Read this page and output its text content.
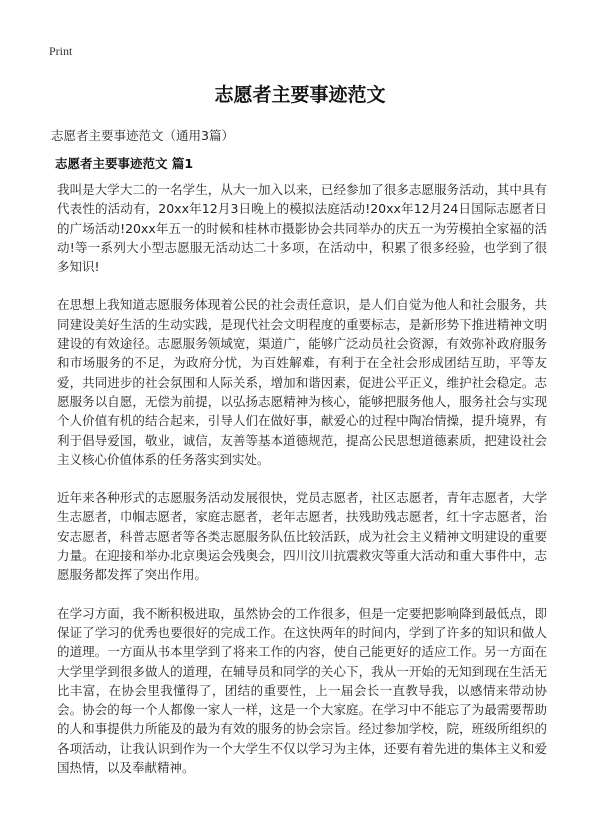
Print
志愿者主要事迹范文
志愿者主要事迹范文（通用3篇）
志愿者主要事迹范文 篇1

我叫是大学大二的一名学生，从大一加入以来，已经参加了很多志愿服务活动，其中具有代表性的活动有，20xx年12月3日晚上的模拟法庭活动!20xx年12月24日国际志愿者日的广场活动!20xx年五一的时候和桂林市摄影协会共同举办的庆五一为劳模拍全家福的活动!等一系列大小型志愿服无活动达二十多项，在活动中，积累了很多经验，也学到了很多知识!

在思想上我知道志愿服务体现着公民的社会责任意识，是人们自觉为他人和社会服务，共同建设美好生活的生动实践，是现代社会文明程度的重要标志，是新形势下推进精神文明建设的有效途径。志愿服务领域宽，渠道广，能够广泛动员社会资源，有效弥补政府服务和市场服务的不足，为政府分忧，为百姓解难，有利于在全社会形成团结互助，平等友爱，共同进步的社会氛围和人际关系，增加和谐因素，促进公平正义，维护社会稳定。志愿服务以自愿，无偿为前提，以弘扬志愿精神为核心，能够把服务他人，服务社会与实现个人价值有机的结合起来，引导人们在做好事，献爱心的过程中陶冶情操，提升境界，有利于倡导爱国，敬业，诚信，友善等基本道德规范，提高公民思想道德素质，把建设社会主义核心价值体系的任务落实到实处。

近年来各种形式的志愿服务活动发展很快，党员志愿者，社区志愿者，青年志愿者，大学生志愿者，巾帼志愿者，家庭志愿者，老年志愿者，扶残助残志愿者，红十字志愿者，治安志愿者，科普志愿者等各类志愿服务队伍比较活跃，成为社会主义精神文明建设的重要力量。在迎接和举办北京奥运会残奥会，四川汶川抗震救灾等重大活动和重大事件中，志愿服务都发挥了突出作用。

在学习方面，我不断积极进取，虽然协会的工作很多，但是一定要把影响降到最低点，即保证了学习的优秀也要很好的完成工作。在这快两年的时间内，学到了许多的知识和做人的道理。一方面从书本里学到了将来工作的内容，使自己能更好的适应工作。另一方面在大学里学到很多做人的道理，在辅导员和同学的关心下，我从一开始的无知到现在生活无比丰富，在协会里我懂得了，团结的重要性，上一届会长一直教导我，以感情来带动协会。协会的每一个人都像一家人一样，这是一个大家庭。在学习中不能忘了为最需要帮助的人和事提供力所能及的最为有效的服务的协会宗旨。经过参加学校，院，班级所组织的各项活动，让我认识到作为一个大学生不仅以学习为主体，还要有着先进的集体主义和爱国热情，以及奉献精神。
